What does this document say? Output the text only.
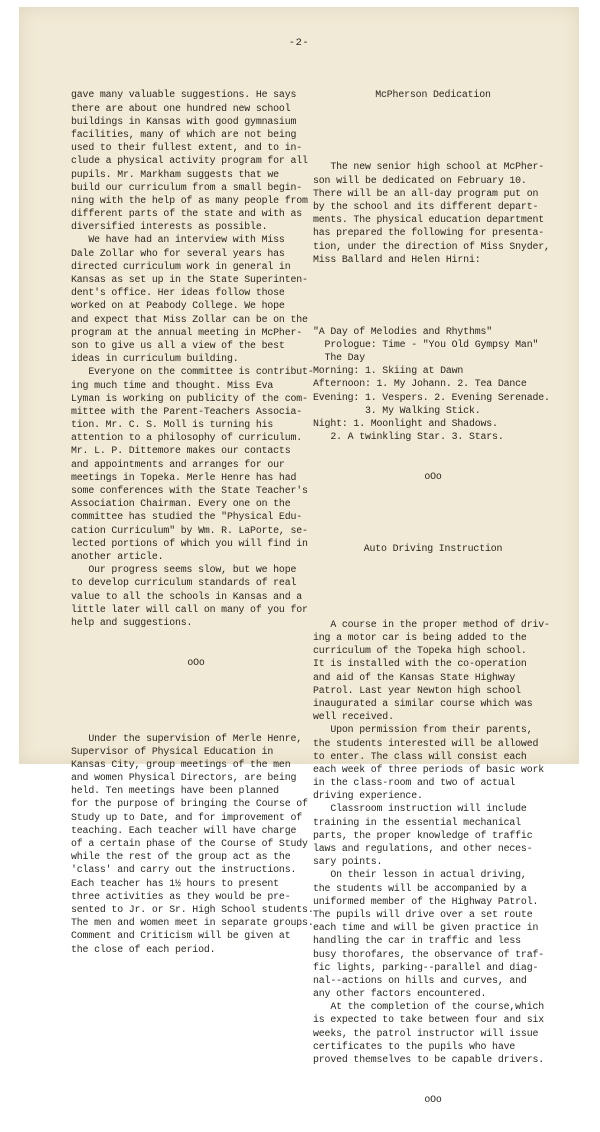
-2-

gave many valuable suggestions. He says
there are about one hundred new school
buildings in Kansas with good gymnasium
facilities, many of which are not being
used to their fullest extent, and to in-
clude a physical activity program for all
pupils. Mr. Markham suggests that we
build our curriculum from a small begin-
ning with the help of as many people from
different parts of the state and with as
diversified interests as possible.
We have had an interview with Miss
Dale Zollar who for several years has
directed curriculum work in general in
Kansas as set up in the State Superinten-
dent's office. Her ideas follow those
worked on at Peabody College. We hope
and expect that Miss Zollar can be on the
program at the annual meeting in McPher-
son to give us all a view of the best
ideas in curriculum building.
Everyone on the committee is contribut-
ing much time and thought. Miss Eva
Lyman is working on publicity of the com-
mittee with the Parent-Teachers Associa-
tion. Mr. C. S. Moll is turning his
attention to a philosophy of curriculum.
Mr. L. P. Dittemore makes our contacts
and appointments and arranges for our
meetings in Topeka. Merle Henre has had
some conferences with the State Teacher's
Association Chairman. Every one on the
committee has studied the "Physical Edu-
cation Curriculum" by Wm. R. LaPorte, se-
lected portions of which you will find in
another article.
Our progress seems slow, but we hope
to develop curriculum standards of real
value to all the schools in Kansas and a
little later will call on many of you for
help and suggestions.

oOo

Under the supervision of Merle Henre,
Supervisor of Physical Education in
Kansas City, group meetings of the men
and women Physical Directors, are being
held. Ten meetings have been planned
for the purpose of bringing the Course of
Study up to Date, and for improvement of
teaching. Each teacher will have charge
of a certain phase of the Course of Study
while the rest of the group act as the
'class' and carry out the instructions.
Each teacher has 1½ hours to present
three activities as they would be pre-
sented to Jr. or Sr. High School students.
The men and women meet in separate groups.
Comment and Criticism will be given at
the close of each period.

McPherson Dedication

The new senior high school at McPher-
son will be dedicated on February 10.
There will be an all-day program put on
by the school and its different depart-
ments. The physical education department
has prepared the following for presenta-
tion, under the direction of Miss Snyder,
Miss Ballard and Helen Hirni:

"A Day of Melodies and Rhythms"
Prologue: Time - "You Old Gympsy Man"
The Day
Morning: 1. Skiing at Dawn
Afternoon: 1. My Johann. 2. Tea Dance
Evening: 1. Vespers. 2. Evening Serenade.
3. My Walking Stick.
Night: 1. Moonlight and Shadows.
2. A twinkling Star. 3. Stars.

oOo

Auto Driving Instruction

A course in the proper method of driv-
ing a motor car is being added to the
curriculum of the Topeka high school.
It is installed with the co-operation
and aid of the Kansas State Highway
Patrol. Last year Newton high school
inaugurated a similar course which was
well received.
Upon permission from their parents,
the students interested will be allowed
to enter. The class will consist each
each week of three periods of basic work
in the class-room and two of actual
driving experience.
Classroom instruction will include
training in the essential mechanical
parts, the proper knowledge of traffic
laws and regulations, and other neces-
sary points.
On their lesson in actual driving,
the students will be accompanied by a
uniformed member of the Highway Patrol.
The pupils will drive over a set route
each time and will be given practice in
handling the car in traffic and less
busy thorofares, the observance of traf-
fic lights, parking--parallel and diag-
nal--actions on hills and curves, and
any other factors encountered.
At the completion of the course,which
is expected to take between four and six
weeks, the patrol instructor will issue
certificates to the pupils who have
proved themselves to be capable drivers.

oOo
